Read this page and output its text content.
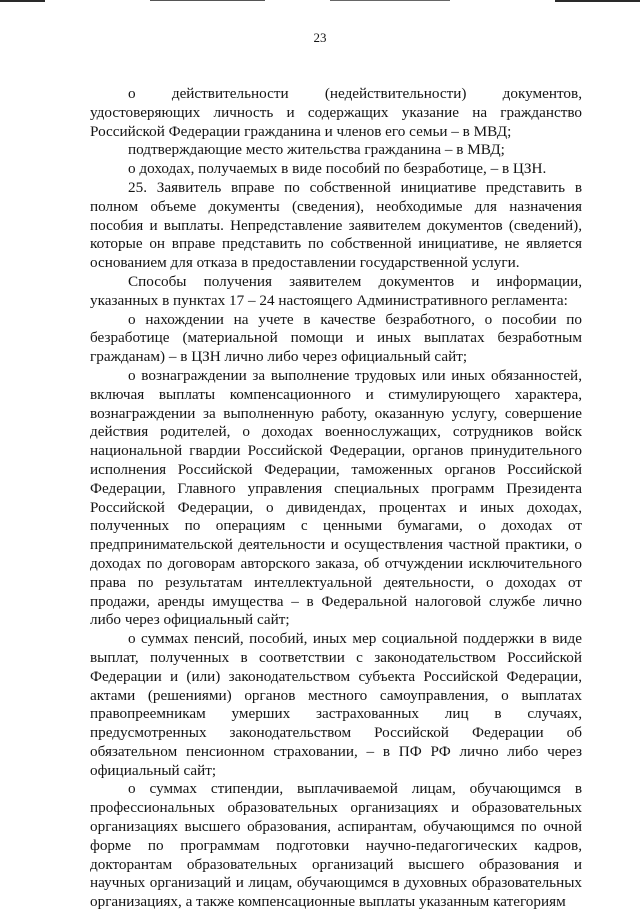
23

о действительности (недействительности) документов, удостоверяющих личность и содержащих указание на гражданство Российской Федерации гражданина и членов его семьи – в МВД;

подтверждающие место жительства гражданина – в МВД;

о доходах, получаемых в виде пособий по безработице, – в ЦЗН.

25. Заявитель вправе по собственной инициативе представить в полном объеме документы (сведения), необходимые для назначения пособия и выплаты. Непредставление заявителем документов (сведений), которые он вправе представить по собственной инициативе, не является основанием для отказа в предоставлении государственной услуги.

Способы получения заявителем документов и информации, указанных в пунктах 17 – 24 настоящего Административного регламента:

о нахождении на учете в качестве безработного, о пособии по безработице (материальной помощи и иных выплатах безработным гражданам) – в ЦЗН лично либо через официальный сайт;

о вознаграждении за выполнение трудовых или иных обязанностей, включая выплаты компенсационного и стимулирующего характера, вознаграждении за выполненную работу, оказанную услугу, совершение действия родителей, о доходах военнослужащих, сотрудников войск национальной гвардии Российской Федерации, органов принудительного исполнения Российской Федерации, таможенных органов Российской Федерации, Главного управления специальных программ Президента Российской Федерации, о дивидендах, процентах и иных доходах, полученных по операциям с ценными бумагами, о доходах от предпринимательской деятельности и осуществления частной практики, о доходах по договорам авторского заказа, об отчуждении исключительного права по результатам интеллектуальной деятельности, о доходах от продажи, аренды имущества – в Федеральной налоговой службе лично либо через официальный сайт;

о суммах пенсий, пособий, иных мер социальной поддержки в виде выплат, полученных в соответствии с законодательством Российской Федерации и (или) законодательством субъекта Российской Федерации, актами (решениями) органов местного самоуправления, о выплатах правопреемникам умерших застрахованных лиц в случаях, предусмотренных законодательством Российской Федерации об обязательном пенсионном страховании, – в ПФ РФ лично либо через официальный сайт;

о суммах стипендии, выплачиваемой лицам, обучающимся в профессиональных образовательных организациях и образовательных организациях высшего образования, аспирантам, обучающимся по очной форме по программам подготовки научно-педагогических кадров, докторантам образовательных организаций высшего образования и научных организаций и лицам, обучающимся в духовных образовательных организациях, а также компенсационные выплаты указанным категориям
